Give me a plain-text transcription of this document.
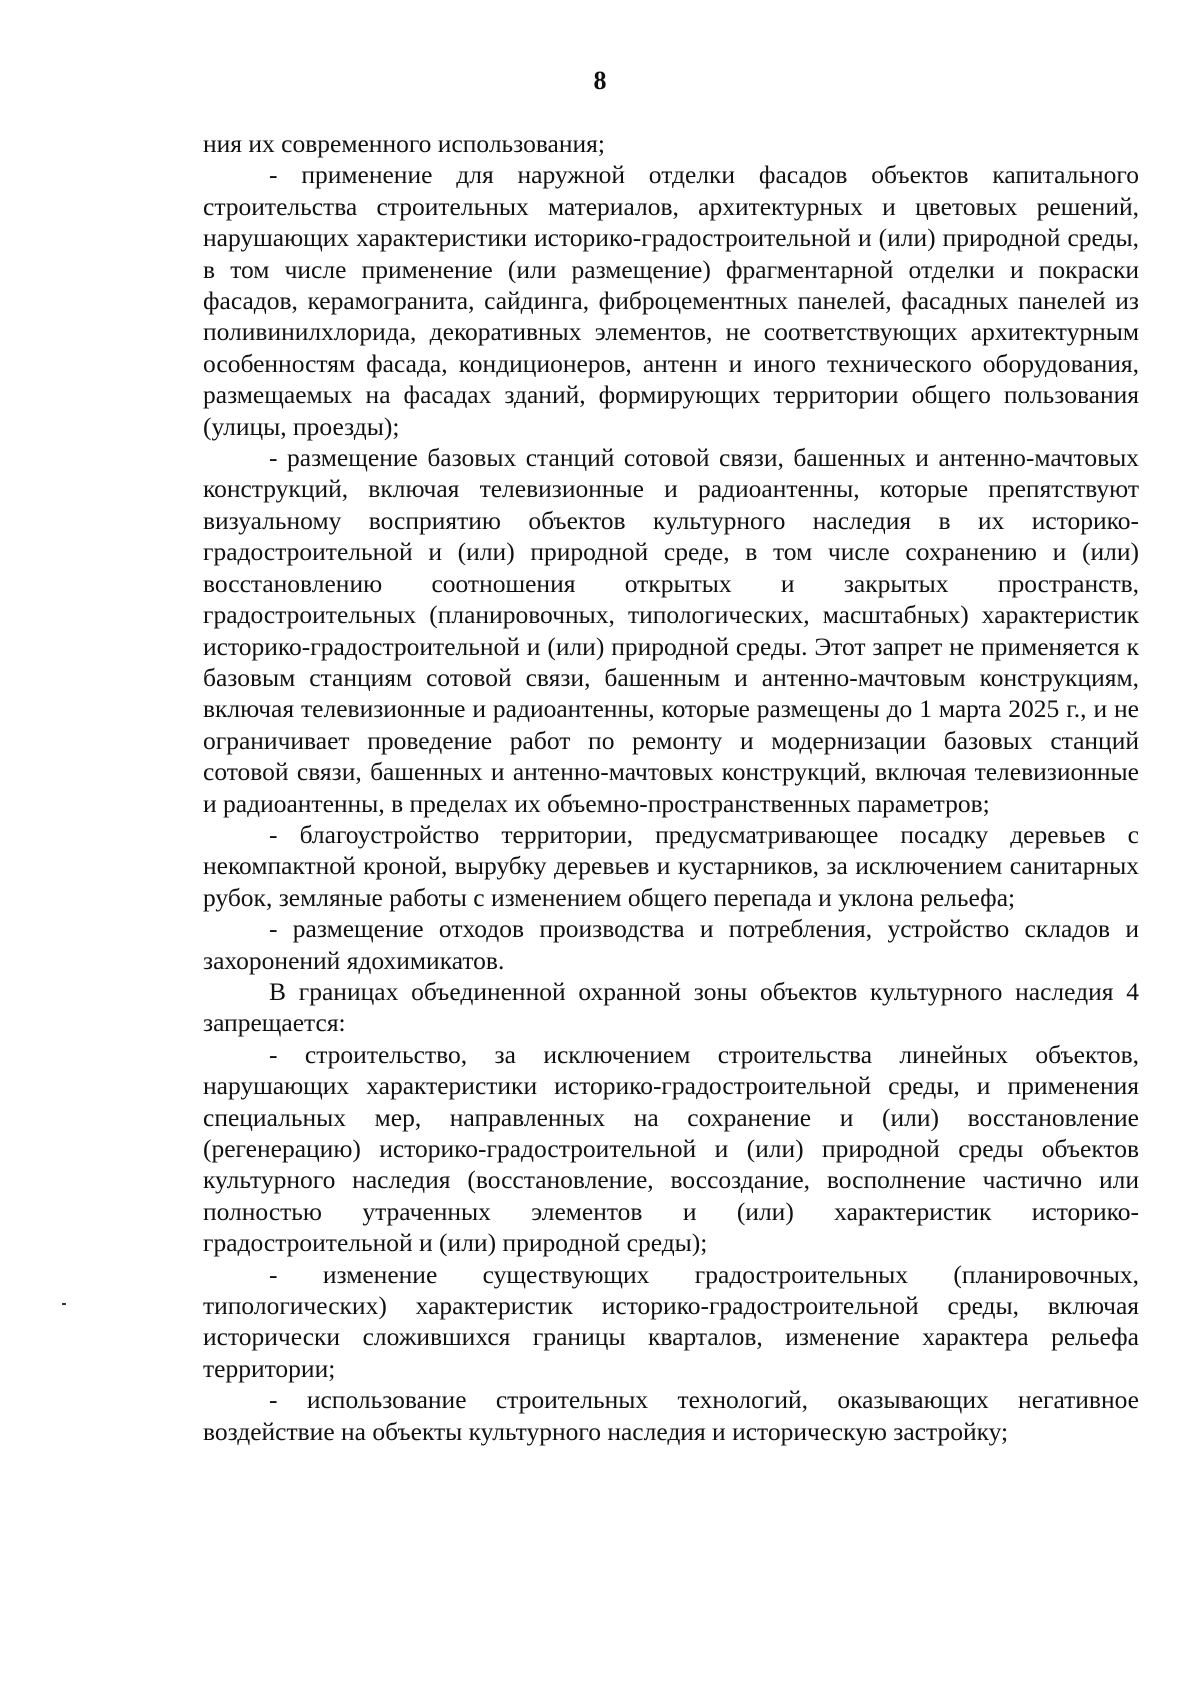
8

ния их современного использования;

- применение для наружной отделки фасадов объектов капитального строительства строительных материалов, архитектурных и цветовых решений, нарушающих характеристики историко-градостроительной и (или) природной среды, в том числе применение (или размещение) фрагментарной отделки и покраски фасадов, керамогранита, сайдинга, фиброцементных панелей, фасадных панелей из поливинилхлорида, декоративных элементов, не соответствующих архитектурным особенностям фасада, кондиционеров, антенн и иного технического оборудования, размещаемых на фасадах зданий, формирующих территории общего пользования (улицы, проезды);

- размещение базовых станций сотовой связи, башенных и антенно-мачтовых конструкций, включая телевизионные и радиоантенны, которые препятствуют визуальному восприятию объектов культурного наследия в их историко-градостроительной и (или) природной среде, в том числе сохранению и (или) восстановлению соотношения открытых и закрытых пространств, градостроительных (планировочных, типологических, масштабных) характеристик историко-градостроительной и (или) природной среды. Этот запрет не применяется к базовым станциям сотовой связи, башенным и антенно-мачтовым конструкциям, включая телевизионные и радиоантенны, которые размещены до 1 марта 2025 г., и не ограничивает проведение работ по ремонту и модернизации базовых станций сотовой связи, башенных и антенно-мачтовых конструкций, включая телевизионные и радиоантенны, в пределах их объемно-пространственных параметров;

- благоустройство территории, предусматривающее посадку деревьев с некомпактной кроной, вырубку деревьев и кустарников, за исключением санитарных рубок, земляные работы с изменением общего перепада и уклона рельефа;

- размещение отходов производства и потребления, устройство складов и захоронений ядохимикатов.

В границах объединенной охранной зоны объектов культурного наследия 4 запрещается:

- строительство, за исключением строительства линейных объектов, нарушающих характеристики историко-градостроительной среды, и применения специальных мер, направленных на сохранение и (или) восстановление (регенерацию) историко-градостроительной и (или) природной среды объектов культурного наследия (восстановление, воссоздание, восполнение частично или полностью утраченных элементов и (или) характеристик историко-градостроительной и (или) природной среды);

- изменение существующих градостроительных (планировочных, типологических) характеристик историко-градостроительной среды, включая исторически сложившихся границы кварталов, изменение характера рельефа территории;

- использование строительных технологий, оказывающих негативное воздействие на объекты культурного наследия и историческую застройку;
